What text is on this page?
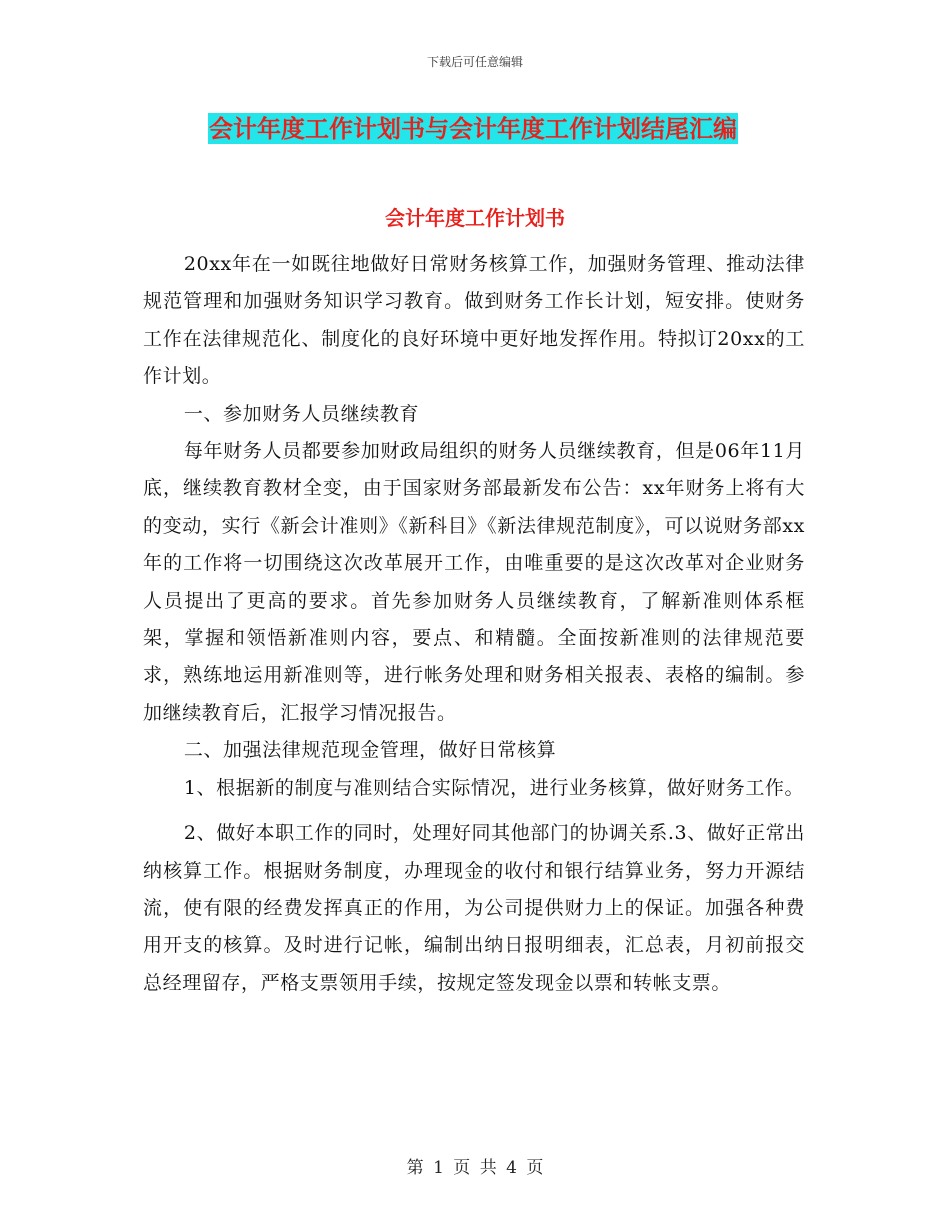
下载后可任意编辑
会计年度工作计划书与会计年度工作计划结尾汇编
会计年度工作计划书

20xx年在一如既往地做好日常财务核算工作，加强财务管理、推动法律规范管理和加强财务知识学习教育。做到财务工作长计划，短安排。使财务工作在法律规范化、制度化的良好环境中更好地发挥作用。特拟订20xx的工作计划。

一、参加财务人员继续教育

每年财务人员都要参加财政局组织的财务人员继续教育，但是06年11月底，继续教育教材全变，由于国家财务部最新发布公告：xx年财务上将有大的变动，实行《新会计准则》《新科目》《新法律规范制度》，可以说财务部xx年的工作将一切围绕这次改革展开工作，由唯重要的是这次改革对企业财务人员提出了更高的要求。首先参加财务人员继续教育，了解新准则体系框架，掌握和领悟新准则内容，要点、和精髓。全面按新准则的法律规范要求，熟练地运用新准则等，进行帐务处理和财务相关报表、表格的编制。参加继续教育后，汇报学习情况报告。

二、加强法律规范现金管理，做好日常核算

1、根据新的制度与准则结合实际情况，进行业务核算，做好财务工作。

2、做好本职工作的同时，处理好同其他部门的协调关系.3、做好正常出纳核算工作。根据财务制度，办理现金的收付和银行结算业务，努力开源结流，使有限的经费发挥真正的作用，为公司提供财力上的保证。加强各种费用开支的核算。及时进行记帐，编制出纳日报明细表，汇总表，月初前报交总经理留存，严格支票领用手续，按规定签发现金以票和转帐支票。

第 1 页 共 4 页
